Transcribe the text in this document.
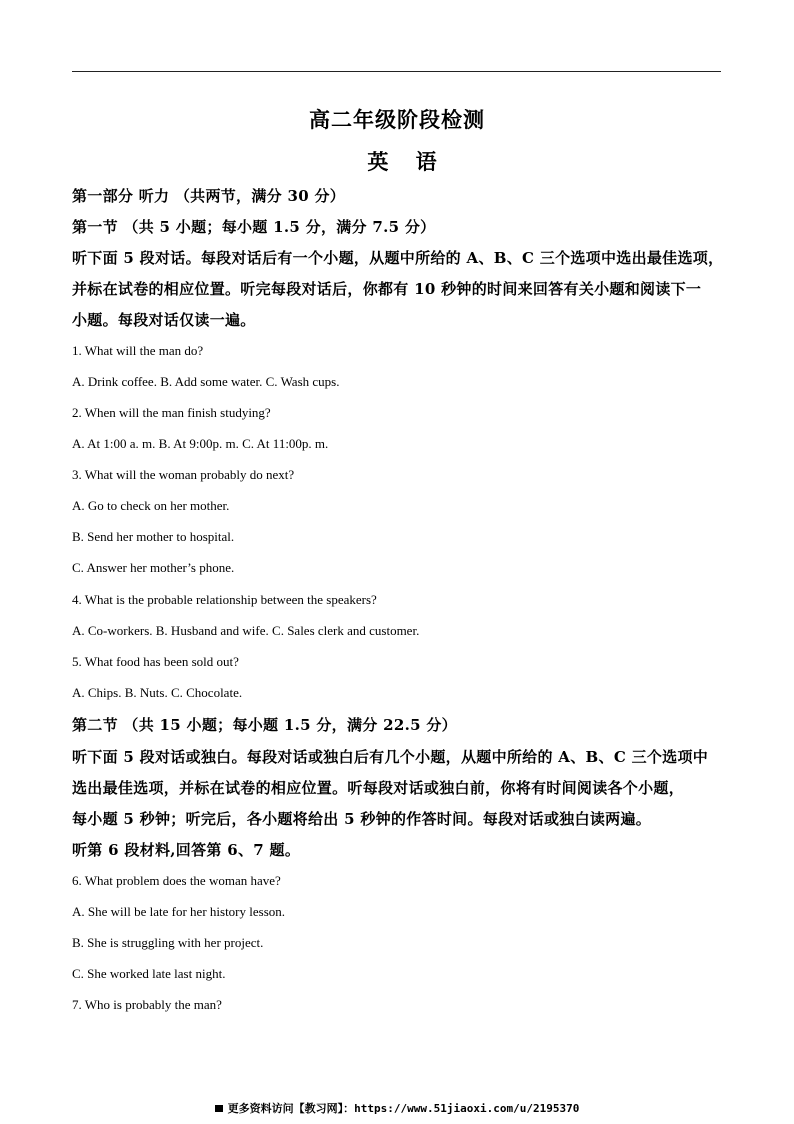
高二年级阶段检测
英 语
第一部分 听力 （共两节，满分 30 分）
第一节 （共 5 小题；每小题 1.5 分，满分 7.5 分）
听下面 5 段对话。每段对话后有一个小题，从题中所给的 A、B、C 三个选项中选出最佳选项，
并标在试卷的相应位置。听完每段对话后，你都有 10 秒钟的时间来回答有关小题和阅读下一
小题。每段对话仅读一遍。
1. What will the man do?
A. Drink coffee. B. Add some water. C. Wash cups.
2. When will the man finish studying?
A. At 1:00 a. m. B. At 9:00p. m. C. At 11:00p. m.
3. What will the woman probably do next?
A. Go to check on her mother.
B. Send her mother to hospital.
C. Answer her mother’s phone.
4. What is the probable relationship between the speakers?
A. Co-workers. B. Husband and wife. C. Sales clerk and customer.
5. What food has been sold out?
A. Chips. B. Nuts. C. Chocolate.
第二节 （共 15 小题；每小题 1.5 分，满分 22.5 分）
听下面 5 段对话或独白。每段对话或独白后有几个小题，从题中所给的 A、B、C 三个选项中
选出最佳选项，并标在试卷的相应位置。听每段对话或独白前，你将有时间阅读各个小题，
每小题 5 秒钟；听完后，各小题将给出 5 秒钟的作答时间。每段对话或独白读两遍。
听第 6 段材料,回答第 6、7 题。
6. What problem does the woman have?
A. She will be late for her history lesson.
B. She is struggling with her project.
C. She worked late last night.
7. Who is probably the man?
更多资料访问【教习网】：https://www.51jiaoxi.com/u/2195370
